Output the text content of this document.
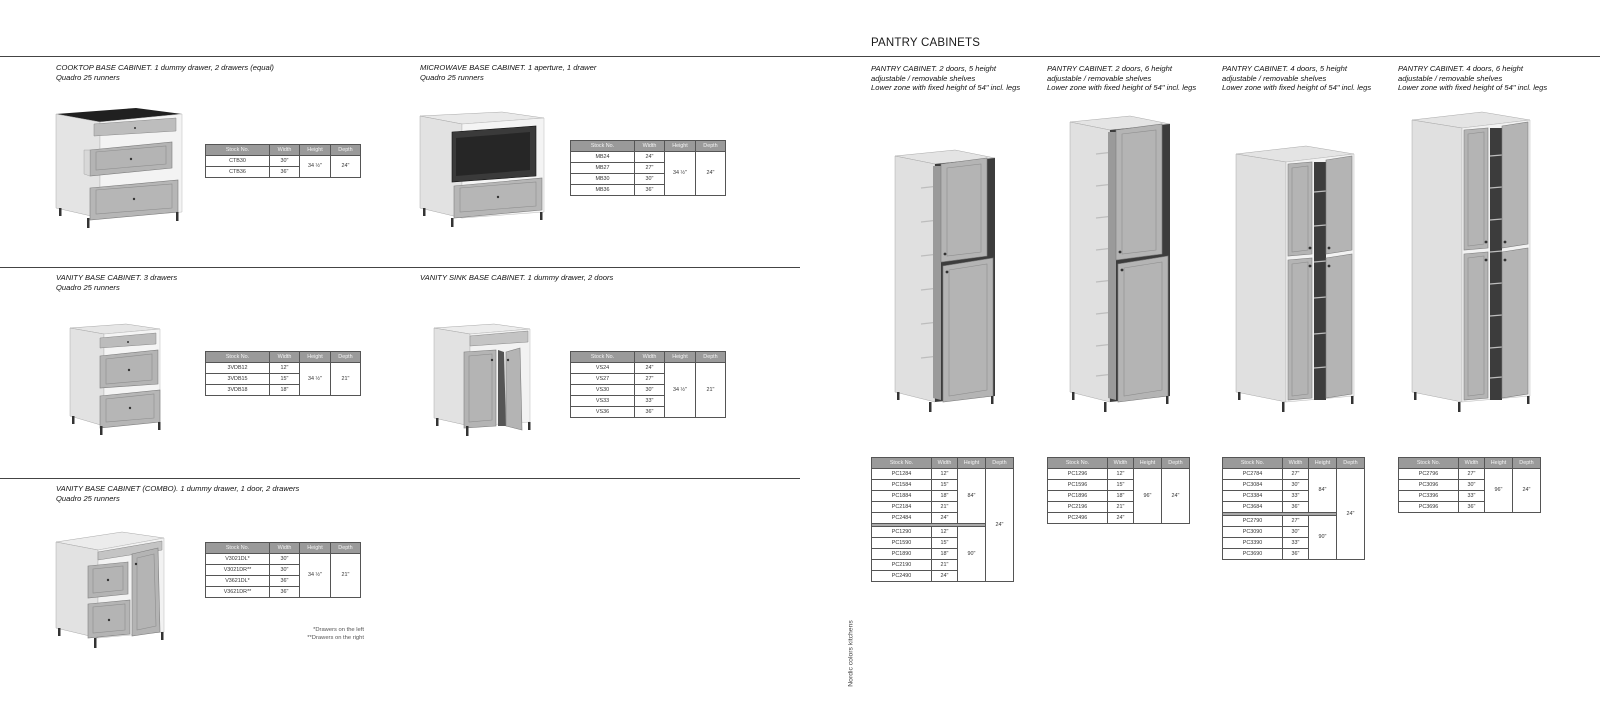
PANTRY CABINETS
COOKTOP BASE CABINET. 1 dummy drawer, 2 drawers (equal)
Quadro 25 runners
MICROWAVE BASE CABINET. 1 aperture, 1 drawer
Quadro 25 runners
VANITY BASE CABINET. 3 drawers
Quadro 25 runners
VANITY SINK BASE CABINET. 1 dummy drawer, 2 doors
VANITY BASE CABINET (COMBO). 1 dummy drawer, 1 door, 2 drawers
Quadro 25 runners
PANTRY CABINET. 2 doors, 5 height
adjustable / removable shelves
Lower zone with fixed height of 54" incl. legs
PANTRY CABINET. 2 doors, 6 height
adjustable / removable shelves
Lower zone with fixed height of 54" incl. legs
PANTRY CABINET. 4 doors, 5 height
adjustable / removable shelves
Lower zone with fixed height of 54" incl. legs
PANTRY CABINET. 4 doors, 6 height
adjustable / removable shelves
Lower zone with fixed height of 54" incl. legs
Stock No.	Width	Height	Depth
CTB30	30"	34 ½"	24"
CTB36	36"		
Stock No.	Width	Height	Depth
MB24	24"	34 ½"	24"
MB27	27"		
MB30	30"		
MB36	36"		
Stock No.	Width	Height	Depth
3VDB12	12"	34 ½"	21"
3VDB15	15"		
3VDB18	18"		
Stock No.	Width	Height	Depth
VS24	24"	34 ½"	21"
VS27	27"		
VS30	30"		
VS33	33"		
VS36	36"		
Stock No.	Width	Height	Depth
V3021DL*	30"	34 ½"	21"
V3021DR**	30"		
V3621DL*	36"		
V3621DR**	36"		
Stock No.	Width	Height	Depth
PC1284	12"	84"	24"
PC1584	15"		
PC1884	18"		
PC2184	21"		
PC2484	24"		

PC1290	12"	90"	
PC1590	15"		
PC1890	18"		
PC2190	21"		
PC2490	24"		
Stock No.	Width	Height	Depth
PC1296	12"	96"	24"
PC1596	15"		
PC1896	18"		
PC2196	21"		
PC2496	24"		
Stock No.	Width	Height	Depth
PC2784	27"	84"	24"
PC3084	30"		
PC3384	33"		
PC3684	36"		

PC2790	27"	90"	
PC3090	30"		
PC3390	33"		
PC3690	36"		
Stock No.	Width	Height	Depth
PC2796	27"	96"	24"
PC3096	30"		
PC3396	33"		
PC3696	36"		
*Drawers on the left
**Drawers on the right	Nordic colors kitchens
